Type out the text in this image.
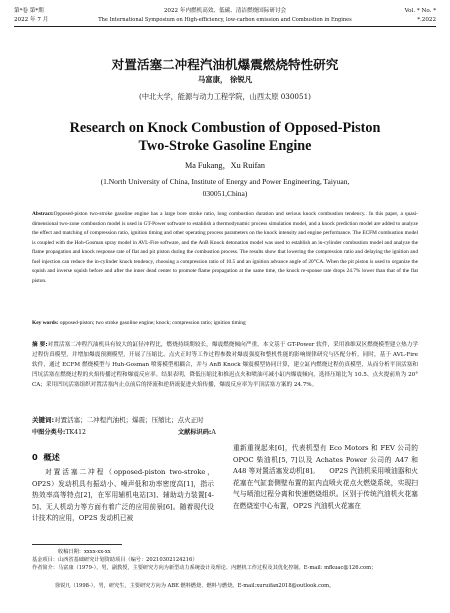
第*卷 第*期
2022 年 7 月
2022 年内燃机高效、低碳、清洁燃烧国际研讨会
The International Symposium on High-efficiency, low-carbon emission and Combustion in Engines
Vol. * No. *
*.2022
对置活塞二冲程汽油机爆震燃烧特性研究
马富康， 徐锐凡
(中北大学，能源与动力工程学院，山西太原 030051)
Research on Knock Combustion of Opposed-Piston
Two-Stroke Gasoline Engine
Ma Fukang，Xu Ruifan
(1.North University of China, Institute of Energy and Power Engineering, Taiyuan,
030051,China)
Abstract:Opposed-piston two-stroke gasoline engine has a large bore stroke ratio, long combustion duration and serious knock combustion tendency.. In this paper, a quasi-dimensional two-zone combustion model is used in GT-Power software to establish a thermodynamic process simulation model, and a knock prediction model are added to analyze the effect and matching of compression ratio, ignition timing and other operating process parameters on the knock intensity and engine performance. The ECFM combustion model is coupled with the Hoh-Gosman spray model in AVL-Fire software, and the AnB Knock detonation model was used to establish an in-cylinder combustion model and analyze the flame propagation and knock response rate of flat and pit piston during the combustion process. The results show that lowering the compression ratio and delaying the ignition and fuel injection can reduce the in-cylinder knock tendency, choosing a compression ratio of 10.5 and an ignition advance angle of 20°CA. When the pit piston is used to organize the squish and inverse squish before and after the inner dead center to promote flame propagation at the same time, the knock re-sponse rate drops 24.7% lower than that of the flat piston.
摘 要:对置活塞二冲程汽油机具有较大的缸径冲程比，燃烧持续期较长，爆震燃烧倾向严重。本文基于 GT-Power 软件，采用准维双区燃烧模型建立热力学过程仿真模型，并增加爆震预测模型，开展了压缩比、点火正时等工作过程参数对爆震强度和整机性能的影响规律研究与匹配分析。同时，基于 AVL-Fire 软件，通过 ECFM 燃烧模型与 Huh-Gosman 喷雾模型相耦合，并与 AnB Knock 爆震模型协同计算，建立缸内燃烧过程仿真模型，从而分析平顶活塞和凹坑活塞在燃烧过程的火焰传播过程和爆震反应率。结果表明，降低压缩比和推迟点火和喷油可减小缸内爆震倾向，选择压缩比为 10.5、点火提前角为 20° CA；采用凹坑活塞组织对置活塞内止点前后的挤流和逆挤流促进火焰传播，爆震反应率为平顶活塞方案的 24.7%。
Key words: opposed-piston; two stroke gasoline engine; knock; compression ratio; ignition timing
关键词:对置活塞；二冲程汽油机；爆震；压缩比；点火正时
中图分类号:TK412	文献标识码:A
0 概述
对置活塞二冲程（opposed-piston two-stroke，OP2S）发动机具有振动小、噪声低和功率密度高[1]，指示热效率高等特点[2]，在军用辅机电站[3]、辅助动力装置[4-5]、无人机动力等方面有着广泛的应用前景[6]。随着现代设计技术的应用，OP2S 发动机已被
重新重视起来[6]，代表机型有 Eco Motors 和 FEV 公司的 OPOC 柴油机[5, 7]以及 Achates Power 公司的 A47 和 A48 等对置活塞发动机[8]。　　OP2S 汽油机采用喷油器和火花塞在气缸套侧壁布置的缸内直喷火花点火燃烧系统，实现扫气与喷油过程分离和快速燃烧组织。区别于传统汽油机火花塞在燃烧室中心布置，OP2S 汽油机火花塞在
收稿日期：xxxx-xx-xx
基金项目：山西省基础研究计划资助项目（编号：20210302124216）
作者简介：马富康（1979-），男，副教授，主要研究方向为新型动力系统设计及理论、内燃机工作过程及其优化控制。E-mail: mfkuac@126.com；
徐锐凡（1998-），男，研究生，主要研究方向为 ABE 燃料燃烧、燃料与燃烧。E-mail:xuruifan2018@outlook.com。
